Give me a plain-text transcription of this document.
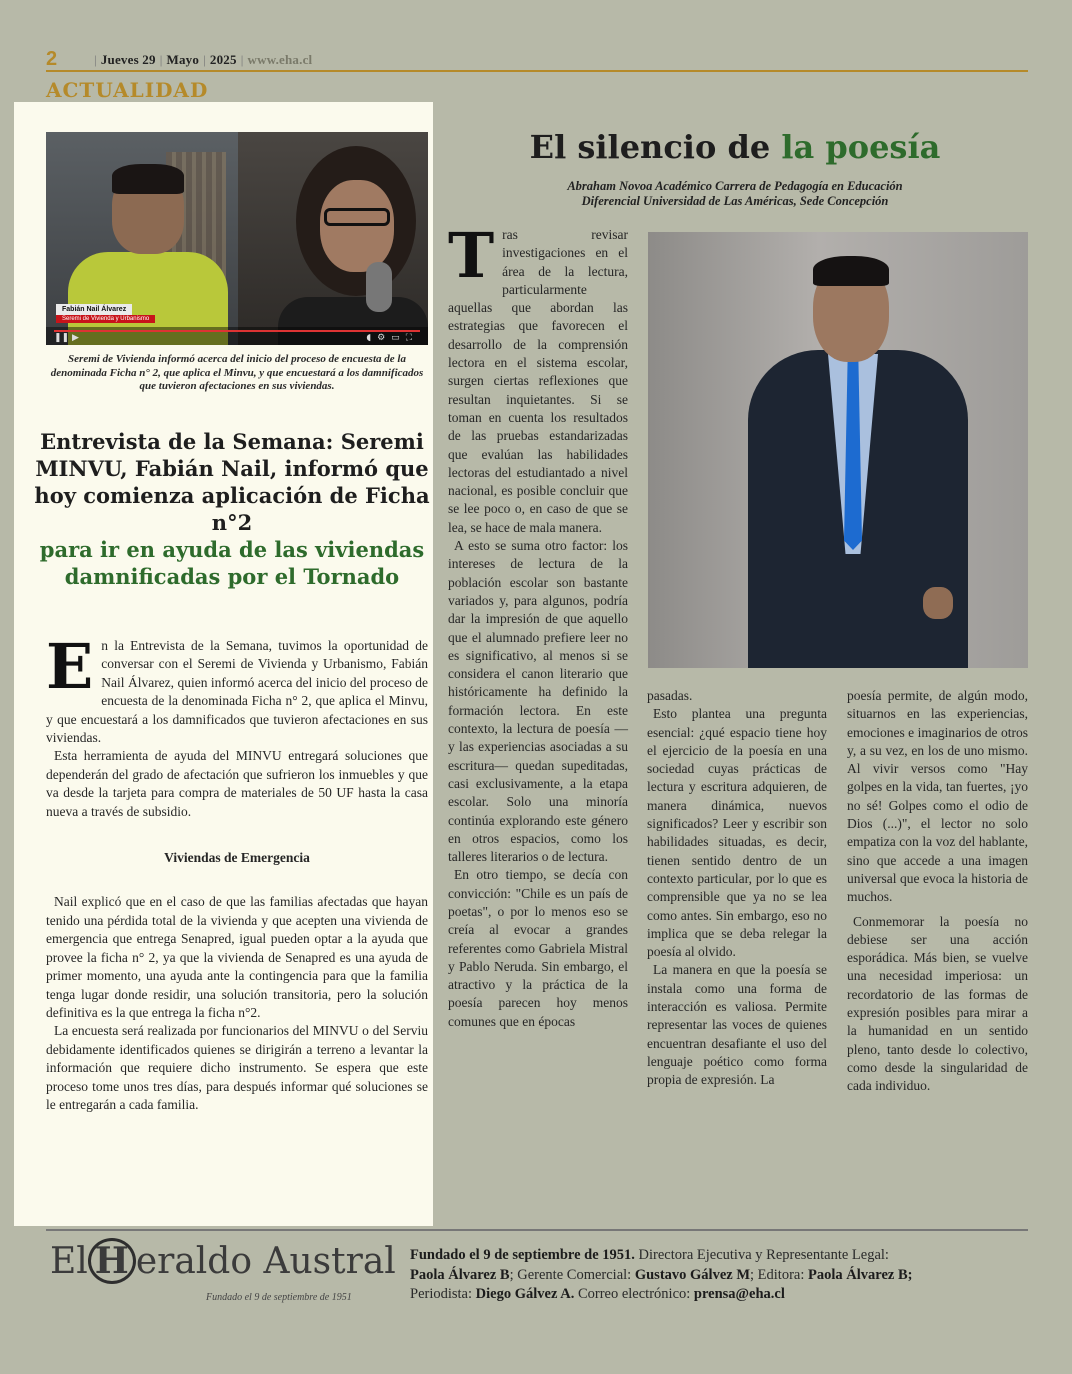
2	| Jueves 29 | Mayo | 2025 | www.eha.cl
ACTUALIDAD
Fabián Nail Álvarez
Seremi de Vivienda y Urbanismo
❚❚ ▶	◖⚙▭⛶
Seremi de Vivienda informó acerca del inicio del proceso de encuesta de la denominada Ficha n° 2, que aplica el Minvu, y que encuestará a los damnificados que tuvieron afectaciones en sus viviendas.
Entrevista de la Semana: Seremi MINVU, Fabián Nail, informó que hoy comienza aplicación de Ficha n°2
para ir en ayuda de las viviendas damnificadas por el Tornado

En la Entrevista de la Semana, tuvimos la oportunidad de conversar con el Seremi de Vivienda y Urbanismo, Fabián Nail Álvarez, quien informó acerca del inicio del proceso de encuesta de la denominada Ficha n° 2, que aplica el Minvu, y que encuestará a los damnificados que tuvieron afectaciones en sus viviendas.

Esta herramienta de ayuda del MINVU entregará soluciones que dependerán del grado de afectación que sufrieron los inmuebles y que va desde la tarjeta para compra de materiales de 50 UF hasta la casa nueva a través de subsidio.

Viviendas de Emergencia

Nail explicó que en el caso de que las familias afectadas que hayan tenido una pérdida total de la vivienda y que acepten una vivienda de emergencia que entrega Senapred, igual pueden optar a la ayuda que provee la ficha n° 2, ya que la vivienda de Senapred es una ayuda de primer momento, una ayuda ante la contingencia para que la familia tenga lugar donde residir, una solución transitoria, pero la solución definitiva es la que entrega la ficha n°2.

La encuesta será realizada por funcionarios del MINVU o del Serviu debidamente identificados quienes se dirigirán a terreno a levantar la información que requiere dicho instrumento. Se espera que este proceso tome unos tres días, para después informar qué soluciones se le entregarán a cada familia.

El silencio de la poesía
Abraham Novoa Académico Carrera de Pedagogía en Educación
Diferencial Universidad de Las Américas, Sede Concepción

Tras revisar investigaciones en el área de la lectura, particularmente aquellas que abordan las estrategias que favorecen el desarrollo de la comprensión lectora en el sistema escolar, surgen ciertas reflexiones que resultan inquietantes. Si se toman en cuenta los resultados de las pruebas estandarizadas que evalúan las habilidades lectoras del estudiantado a nivel nacional, es posible concluir que se lee poco o, en caso de que se lea, se hace de mala manera.

A esto se suma otro factor: los intereses de lectura de la población escolar son bastante variados y, para algunos, podría dar la impresión de que aquello que el alumnado prefiere leer no es significativo, al menos si se considera el canon literario que históricamente ha definido la formación lectora. En este contexto, la lectura de poesía —y las experiencias asociadas a su escritura— quedan supeditadas, casi exclusivamente, a la etapa escolar. Solo una minoría continúa explorando este género en otros espacios, como los talleres literarios o de lectura.

En otro tiempo, se decía con convicción: "Chile es un país de poetas", o por lo menos eso se creía al evocar a grandes referentes como Gabriela Mistral y Pablo Neruda. Sin embargo, el atractivo y la práctica de la poesía parecen hoy menos comunes que en épocas

pasadas.

Esto plantea una pregunta esencial: ¿qué espacio tiene hoy el ejercicio de la poesía en una sociedad cuyas prácticas de lectura y escritura adquieren, de manera dinámica, nuevos significados? Leer y escribir son habilidades situadas, es decir, tienen sentido dentro de un contexto particular, por lo que es comprensible que ya no se lea como antes. Sin embargo, eso no implica que se deba relegar la poesía al olvido.

La manera en que la poesía se instala como una forma de interacción es valiosa. Permite representar las voces de quienes encuentran desafiante el uso del lenguaje poético como forma propia de expresión. La

poesía permite, de algún modo, situarnos en las experiencias, emociones e imaginarios de otros y, a su vez, en los de uno mismo. Al vivir versos como "Hay golpes en la vida, tan fuertes, ¡yo no sé! Golpes como el odio de Dios (...)", el lector no solo empatiza con la voz del hablante, sino que accede a una imagen universal que evoca la historia de muchos.

Conmemorar la poesía no debiese ser una acción esporádica. Más bien, se vuelve una necesidad imperiosa: un recordatorio de las formas de expresión posibles para mirar a la humanidad en un sentido pleno, tanto desde lo colectivo, como desde la singularidad de cada individuo.

El H eraldo Austral
Fundado el 9 de septiembre de 1951
Fundado el 9 de septiembre de 1951. Directora Ejecutiva y Representante Legal:
Paola Álvarez B; Gerente Comercial: Gustavo Gálvez M; Editora: Paola Álvarez B;
Periodista: Diego Gálvez A. Correo electrónico: prensa@eha.cl
